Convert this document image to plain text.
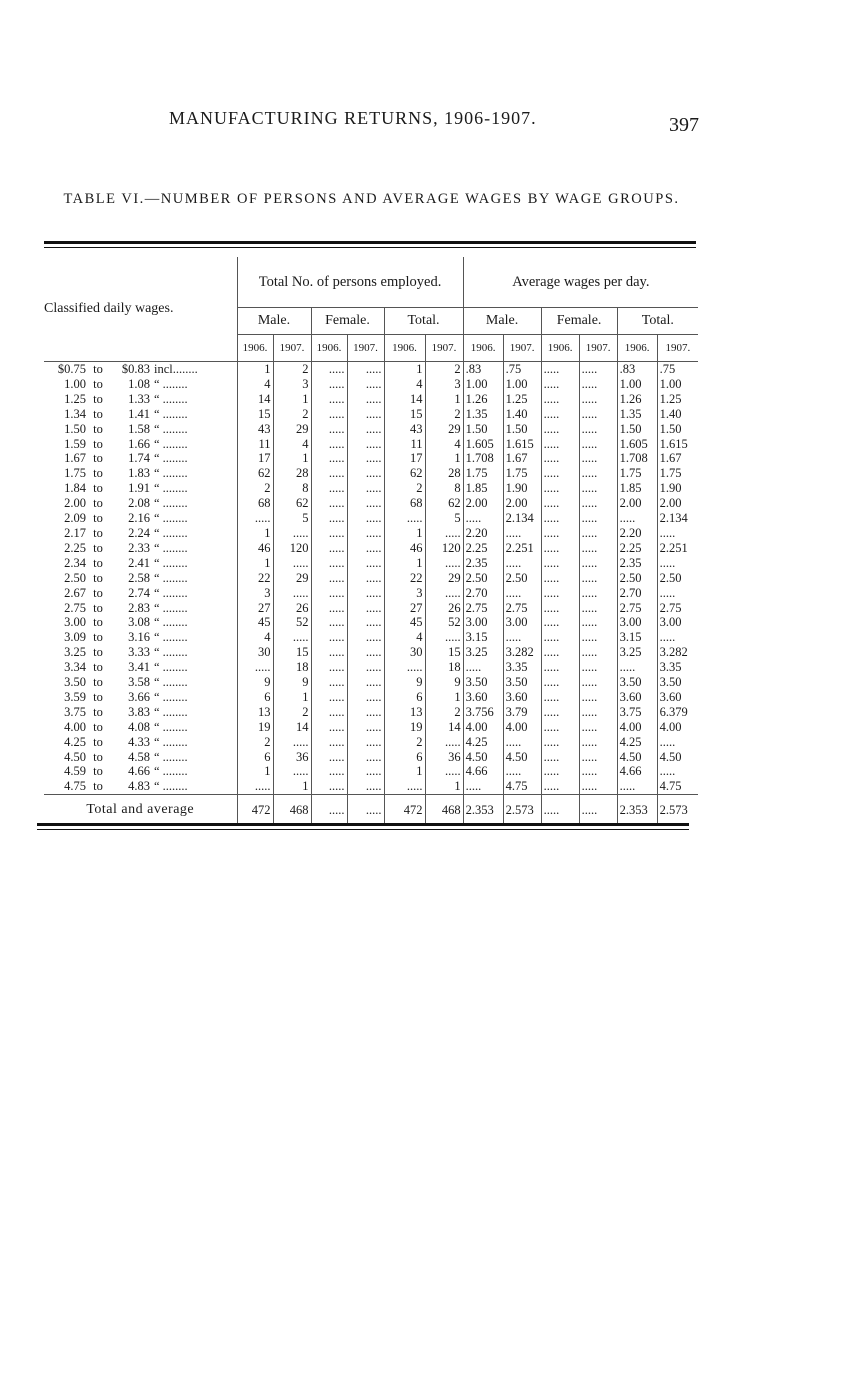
MANUFACTURING RETURNS, 1906-1907.	397
TABLE VI.—NUMBER OF PERSONS AND AVERAGE WAGES BY WAGE GROUPS.
Classified daily wages.	Total No. of persons employed.						Average wages per day.					
	Male.		Female.		Total.		Male.		Female.		Total.	
	1906.	1907.	1906.	1907.	1906.	1907.	1906.	1907.	1906.	1907.	1906.	1907.
$0.75 to $0.83 incl........	1	2	.....	.....	1	2	.83	.75	.....	.....	.83	.75
1.00 to 1.08 “ ........	4	3	.....	.....	4	3	1.00	1.00	.....	.....	1.00	1.00
1.25 to 1.33 “ ........	14	1	.....	.....	14	1	1.26	1.25	.....	.....	1.26	1.25
1.34 to 1.41 “ ........	15	2	.....	.....	15	2	1.35	1.40	.....	.....	1.35	1.40
1.50 to 1.58 “ ........	43	29	.....	.....	43	29	1.50	1.50	.....	.....	1.50	1.50
1.59 to 1.66 “ ........	11	4	.....	.....	11	4	1.605	1.615	.....	.....	1.605	1.615
1.67 to 1.74 “ ........	17	1	.....	.....	17	1	1.708	1.67	.....	.....	1.708	1.67
1.75 to 1.83 “ ........	62	28	.....	.....	62	28	1.75	1.75	.....	.....	1.75	1.75
1.84 to 1.91 “ ........	2	8	.....	.....	2	8	1.85	1.90	.....	.....	1.85	1.90
2.00 to 2.08 “ ........	68	62	.....	.....	68	62	2.00	2.00	.....	.....	2.00	2.00
2.09 to 2.16 “ ........	.....	5	.....	.....	.....	5	.....	2.134	.....	.....	.....	2.134
2.17 to 2.24 “ ........	1	.....	.....	.....	1	.....	2.20	.....	.....	.....	2.20	.....
2.25 to 2.33 “ ........	46	120	.....	.....	46	120	2.25	2.251	.....	.....	2.25	2.251
2.34 to 2.41 “ ........	1	.....	.....	.....	1	.....	2.35	.....	.....	.....	2.35	.....
2.50 to 2.58 “ ........	22	29	.....	.....	22	29	2.50	2.50	.....	.....	2.50	2.50
2.67 to 2.74 “ ........	3	.....	.....	.....	3	.....	2.70	.....	.....	.....	2.70	.....
2.75 to 2.83 “ ........	27	26	.....	.....	27	26	2.75	2.75	.....	.....	2.75	2.75
3.00 to 3.08 “ ........	45	52	.....	.....	45	52	3.00	3.00	.....	.....	3.00	3.00
3.09 to 3.16 “ ........	4	.....	.....	.....	4	.....	3.15	.....	.....	.....	3.15	.....
3.25 to 3.33 “ ........	30	15	.....	.....	30	15	3.25	3.282	.....	.....	3.25	3.282
3.34 to 3.41 “ ........	.....	18	.....	.....	.....	18	.....	3.35	.....	.....	.....	3.35
3.50 to 3.58 “ ........	9	9	.....	.....	9	9	3.50	3.50	.....	.....	3.50	3.50
3.59 to 3.66 “ ........	6	1	.....	.....	6	1	3.60	3.60	.....	.....	3.60	3.60
3.75 to 3.83 “ ........	13	2	.....	.....	13	2	3.756	3.79	.....	.....	3.75	6.379
4.00 to 4.08 “ ........	19	14	.....	.....	19	14	4.00	4.00	.....	.....	4.00	4.00
4.25 to 4.33 “ ........	2	.....	.....	.....	2	.....	4.25	.....	.....	.....	4.25	.....
4.50 to 4.58 “ ........	6	36	.....	.....	6	36	4.50	4.50	.....	.....	4.50	4.50
4.59 to 4.66 “ ........	1	.....	.....	.....	1	.....	4.66	.....	.....	.....	4.66	.....
4.75 to 4.83 “ ........	.....	1	.....	.....	.....	1	.....	4.75	.....	.....	.....	4.75
Total and average	472	468	.....	.....	472	468	2.353	2.573	.....	.....	2.353	2.573
